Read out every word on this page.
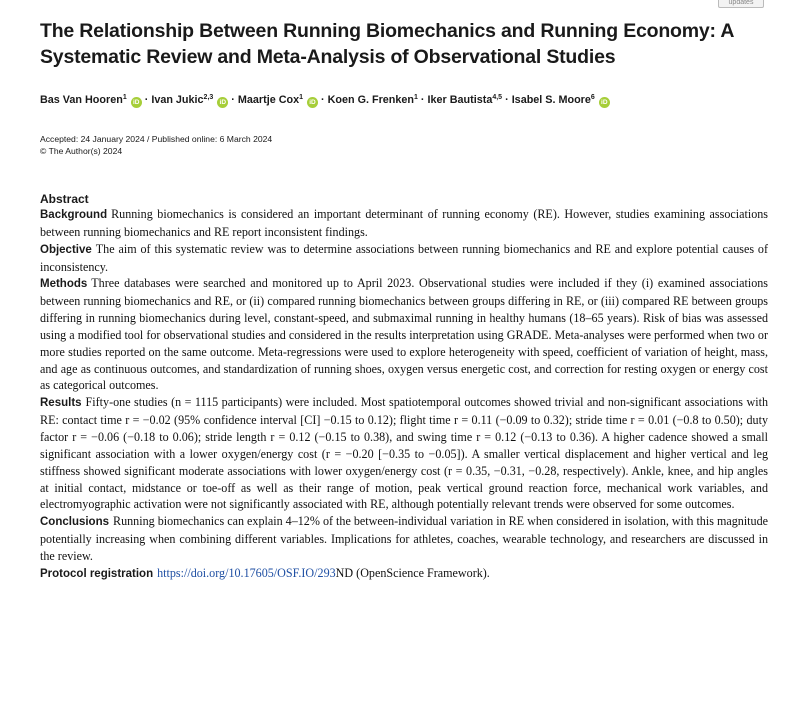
updates
The Relationship Between Running Biomechanics and Running Economy: A Systematic Review and Meta-Analysis of Observational Studies
Bas Van Hooren$^1$ iD · Ivan Jukic$^{2,3}$ iD · Maartje Cox$^1$ iD · Koen G. Frenken$^1$ · Iker Bautista$^{4,5}$ · Isabel S. Moore$^6$ iD
Accepted: 24 January 2024 / Published online: 6 March 2024
© The Author(s) 2024
Abstract

Background Running biomechanics is considered an important determinant of running economy (RE). However, studies examining associations between running biomechanics and RE report inconsistent findings.

Objective The aim of this systematic review was to determine associations between running biomechanics and RE and explore potential causes of inconsistency.

Methods Three databases were searched and monitored up to April 2023. Observational studies were included if they (i) examined associations between running biomechanics and RE, or (ii) compared running biomechanics between groups differing in RE, or (iii) compared RE between groups differing in running biomechanics during level, constant-speed, and submaximal running in healthy humans (18–65 years). Risk of bias was assessed using a modified tool for observational studies and considered in the results interpretation using GRADE. Meta-analyses were performed when two or more studies reported on the same outcome. Meta-regressions were used to explore heterogeneity with speed, coefficient of variation of height, mass, and age as continuous outcomes, and standardization of running shoes, oxygen versus energetic cost, and correction for resting oxygen or energy cost as categorical outcomes.

Results Fifty-one studies (n = 1115 participants) were included. Most spatiotemporal outcomes showed trivial and non-significant associations with RE: contact time r = −0.02 (95% confidence interval [CI] −0.15 to 0.12); flight time r = 0.11 (−0.09 to 0.32); stride time r = 0.01 (−0.8 to 0.50); duty factor r = −0.06 (−0.18 to 0.06); stride length r = 0.12 (−0.15 to 0.38), and swing time r = 0.12 (−0.13 to 0.36). A higher cadence showed a small significant association with a lower oxygen/energy cost (r = −0.20 [−0.35 to −0.05]). A smaller vertical displacement and higher vertical and leg stiffness showed significant moderate associations with lower oxygen/energy cost (r = 0.35, −0.31, −0.28, respectively). Ankle, knee, and hip angles at initial contact, midstance or toe-off as well as their range of motion, peak vertical ground reaction force, mechanical work variables, and electromyographic activation were not significantly associated with RE, although potentially relevant trends were observed for some outcomes.

Conclusions Running biomechanics can explain 4–12% of the between-individual variation in RE when considered in isolation, with this magnitude potentially increasing when combining different variables. Implications for athletes, coaches, wearable technology, and researchers are discussed in the review.

Protocol registration https://doi.org/10.17605/OSF.IO/293ND (OpenScience Framework).
